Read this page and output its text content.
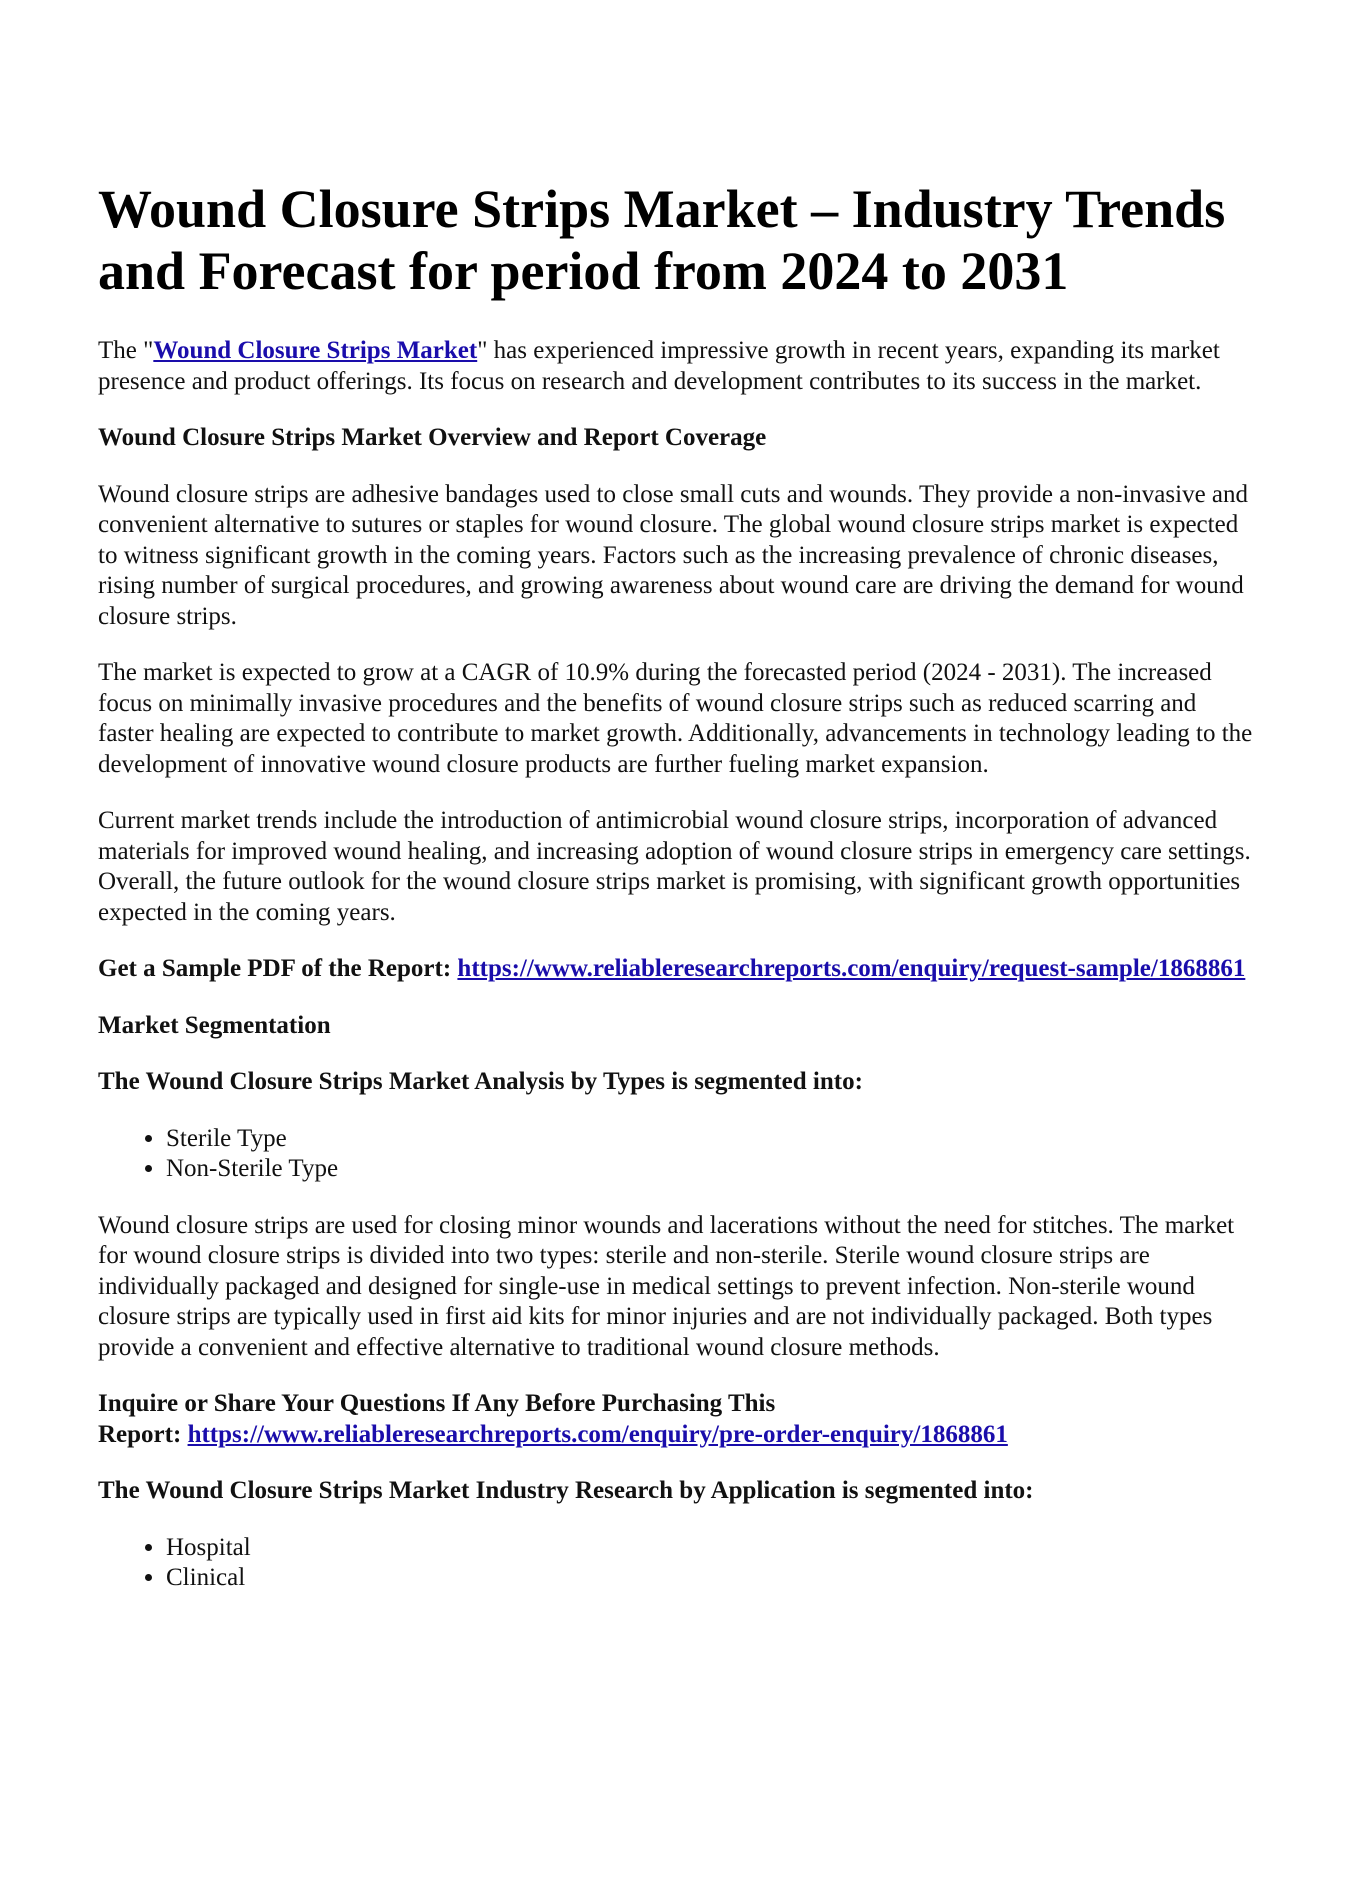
Wound Closure Strips Market – Industry Trends and Forecast for period from 2024 to 2031

The "Wound Closure Strips Market" has experienced impressive growth in recent years, expanding its market presence and product offerings. Its focus on research and development contributes to its success in the market.

Wound Closure Strips Market Overview and Report Coverage

Wound closure strips are adhesive bandages used to close small cuts and wounds. They provide a non-invasive and convenient alternative to sutures or staples for wound closure. The global wound closure strips market is expected to witness significant growth in the coming years. Factors such as the increasing prevalence of chronic diseases, rising number of surgical procedures, and growing awareness about wound care are driving the demand for wound closure strips.

The market is expected to grow at a CAGR of 10.9% during the forecasted period (2024 - 2031). The increased focus on minimally invasive procedures and the benefits of wound closure strips such as reduced scarring and faster healing are expected to contribute to market growth. Additionally, advancements in technology leading to the development of innovative wound closure products are further fueling market expansion.

Current market trends include the introduction of antimicrobial wound closure strips, incorporation of advanced materials for improved wound healing, and increasing adoption of wound closure strips in emergency care settings. Overall, the future outlook for the wound closure strips market is promising, with significant growth opportunities expected in the coming years.

Get a Sample PDF of the Report: https://www.reliableresearchreports.com/enquiry/request-sample/1868861

Market Segmentation

The Wound Closure Strips Market Analysis by Types is segmented into:

• Sterile Type
• Non-Sterile Type

Wound closure strips are used for closing minor wounds and lacerations without the need for stitches. The market for wound closure strips is divided into two types: sterile and non-sterile. Sterile wound closure strips are individually packaged and designed for single-use in medical settings to prevent infection. Non-sterile wound closure strips are typically used in first aid kits for minor injuries and are not individually packaged. Both types provide a convenient and effective alternative to traditional wound closure methods.

Inquire or Share Your Questions If Any Before Purchasing This
Report: https://www.reliableresearchreports.com/enquiry/pre-order-enquiry/1868861

The Wound Closure Strips Market Industry Research by Application is segmented into:

• Hospital
• Clinical
